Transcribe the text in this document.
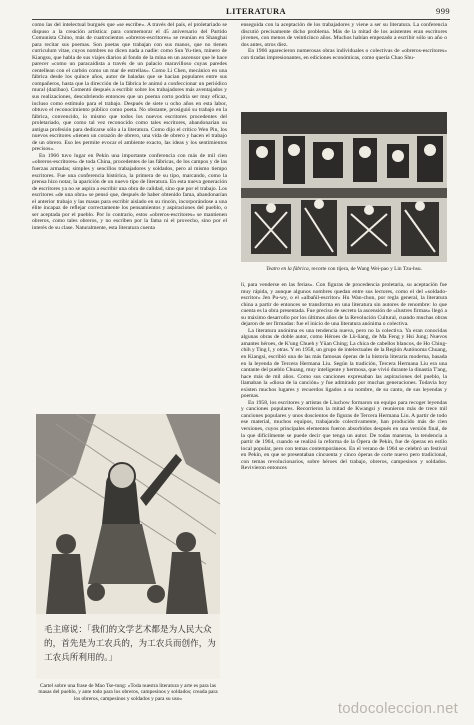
LITERATURA	999

como las del intelectual burgués que «se escribe». A través del país, el proletariado se dispuso a la creación artística: para conmemorar el 45 aniversario del Partido Comunista Chino, más de cuatrocientos «obreros-escritores» se reunían en Shanghai para recitar sus poemas. Son poetas que trabajan con sus manos, que no tienen curriculum vitae, cuyos nombres no dicen nada a nadie: como Sun Yu-tien, minero de Kiangsu, que habla de sus viajes diarios al fondo de la mina en un ascensor que le hace parecer «como un paracaidista a través de un palacio maravilloso cuyas paredes centellean con el carbón como un mar de estrellas». Como Li Chen, mecánico en una fábrica desde los quince años, autor de baladas que se hacían populares entre sus compañeros, hasta que la dirección de la fábrica le animó a confeccionar un periódico mural (dazibao). Comentó después a escribir sobre los trabajadores más aventajados y sus realizaciones, descubriendo entonces que un poema corto podría ser muy eficaz, incluso como estímulo para el trabajo. Después de siete u ocho años en esta labor, obtuvo el reconocimiento público como poeta. No obstante, prosiguió su trabajo en la fábrica, convencido, lo mismo que todos los nuevos escritores procedentes del proletariado, que como tal vez reconocido como tales escritores, abandonarían su antigua profesión para dedicarse sólo a la literatura. Como dijo el crítico Wen Pin, los nuevos escritores «tienen un corazón de obrero, una vida de obrero y hacen el trabajo de un obrero. Eso les permite evocar el ambiente exacto, las ideas y los sentimientos precisos».

En 1966 tuvo lugar en Pekín una importante conferencia con más de mil cien «obreros-escritores» de toda China, procedentes de las fábricas, de los campos y de las fuerzas armadas; simples y sencillos trabajadores y soldados, pero al mismo tiempo escritores. Fue una conferencia histórica, la primera de su tipo, marcando, como la prensa hizo notar, la aparición de un nuevo tipo de literatura. En esta nueva generación de escritores ya no se aspira a escribir una obra de calidad, sino que por el trabajo. Los escritores «de una obra» se pensó que, después de haber obtenido fama, abandonarían el anterior trabajo y las masas para escribir aislado en su rincón, incorporándose a una élite incapaz de reflejar correctamente los pensamientos y aspiraciones del pueblo, o ser aceptada por el pueblo. Por lo contrario, estos «obreros-escritores» se mantienen obreros, como tales obreros, y no escriben por la fama ni el provecho, sino por el interés de su clase. Naturalmente, esta literatura cuenta

enseguida con la aceptación de los trabajadores y viene a ser su literatura. La conferencia discutió precisamente dicho problema. Más de la mitad de los asistentes eran escritores jóvenes, con menos de veinticinco años. Muchos habían empezado a escribir sólo un año o dos antes, otros diez.

En 1966 aparecieron numerosas obras individuales o colectivas de «obreros-escritores» con tiradas impresionantes, en ediciones económicas, como quería Chao Shu-

Teatro en la fábrica, recorte con tijera, de Wang Wei-pao y Lin Tzu-hsu.

li, para venderse en las ferias». Con figuras de procedencia proletaria, su aceptación fue muy rápida, y aunque algunos nombres quedan entre sus lectores, como el del «soldado-escritor» Jen Pu-wy, o el «albañil-escritor» Hu Wan-chun, por regla general, la literatura china a partir de entonces se transforma en una literatura sin autores de renombre: lo que cuenta es la obra presentada. Fue preciso de secreto la ascensión de «ilustres firmas» llegó a su máximo desarrollo por los últimos años de la Revolución Cultural, cuando muchas obras dejaron de ser firmadas: fue el inicio de una literatura anónima o colectiva.

La literatura anónima es una tendencia nueva, pero no la colectiva. Ya eran conocidas algunas obras de doble autor, como Héroes de Lü-liang, de Ma Feng y Hsi Jung; Nuevos amantes héroes, de K'ung Chueh y Yüan Ching; La chica de cabellos blancos, de Ho Ching-chih y Ting I, y otras. Y en 1958, un grupo de intelectuales de la Región Autónoma Chuang, en Kiangsi, escribió una de las más famosas óperas de la historia literaria moderna, basada en la leyenda de Tercera Hermana Liu. Según la tradición, Tercera Hermana Liu era una cantante del pueblo Chuang, muy inteligente y hermosa, que vivió durante la dinastía T'ang, hace más de mil años. Como sus canciones expresaban las aspiraciones del pueblo, la llamaban la «diosa de la canción» y fue admirado por muchas generaciones. Todavía hoy existen muchos lugares y recuerdos ligados a su nombre, de su canto, de sus leyendas y poemas.

En 1958, los escritores y artistas de Liuchow formaron un equipo para recoger leyendas y canciones populares. Recorrieron la mitad de Kwangsi y reunieron más de trece mil canciones populares y unos doscientos de figuras de Tercera Hermana Liu. A partir de todo ese material, muchos equipos, trabajando colectivamente, han producido más de cien versiones, cuyos principales elementos fueron absorbidos después en una versión final, de la que difícilmente se puede decir que tenga un autor. De todas maneras, la tendencia a partir de 1964, cuando se realizó la reforma de la Ópera de Pekín, fue de óperas en estilo local popular, pero con temas contemporáneos. En el verano de 1964 se celebró un festival en Pekín, en que se presentaban cincuenta y cinco óperas de corte nuevo pero tradicional, con temas revolucionarios, sobre héroes del trabajo, obreros, campesinos y soldados. Revivieron entonces

毛主席说：「我们的文学艺术都是为人民大众
的，首先是为工农兵的，为工农兵而创作，为
工农兵所利用的。」
Cartel sobre una frase de Mao Tse-tung: «Toda nuestra literatura y arte es para las masas del pueblo, y ante todo para los obreros, campesinos y soldados; creada para los obreros, campesinos y soldados y para su uso»
todocoleccion.net
